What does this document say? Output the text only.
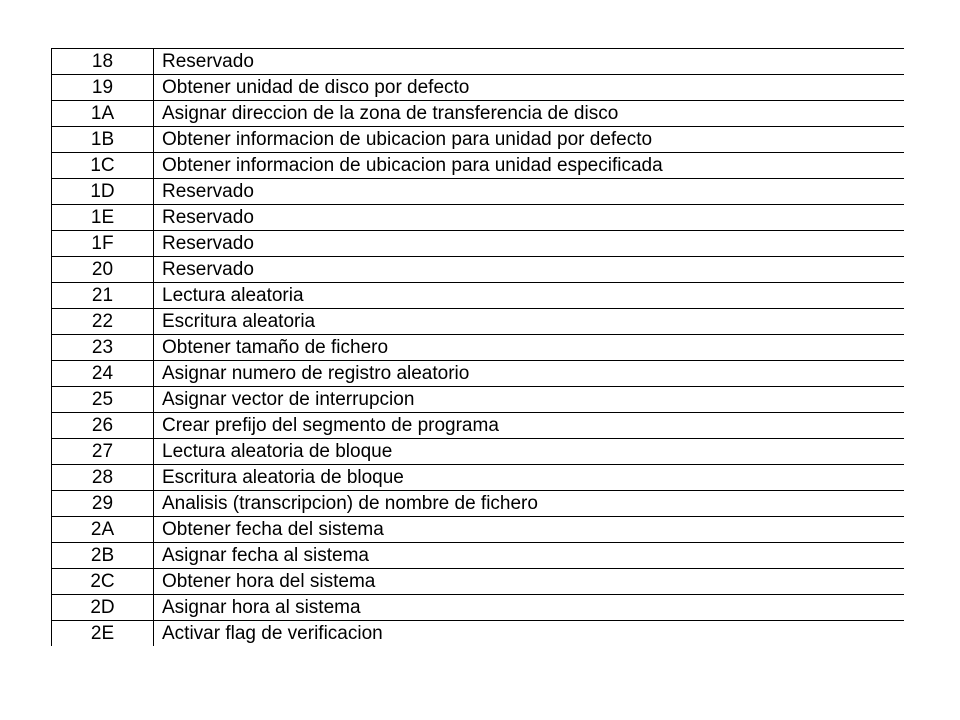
18	Reservado
19	Obtener unidad de disco por defecto
1A	Asignar direccion de la zona de transferencia de disco
1B	Obtener informacion de ubicacion para unidad por defecto
1C	Obtener informacion de ubicacion para unidad especificada
1D	Reservado
1E	Reservado
1F	Reservado
20	Reservado
21	Lectura aleatoria
22	Escritura aleatoria
23	Obtener tamaño de fichero
24	Asignar numero de registro aleatorio
25	Asignar vector de interrupcion
26	Crear prefijo del segmento de programa
27	Lectura aleatoria de bloque
28	Escritura aleatoria de bloque
29	Analisis (transcripcion) de nombre de fichero
2A	Obtener fecha del sistema
2B	Asignar fecha al sistema
2C	Obtener hora del sistema
2D	Asignar hora al sistema
2E	Activar flag de verificacion
